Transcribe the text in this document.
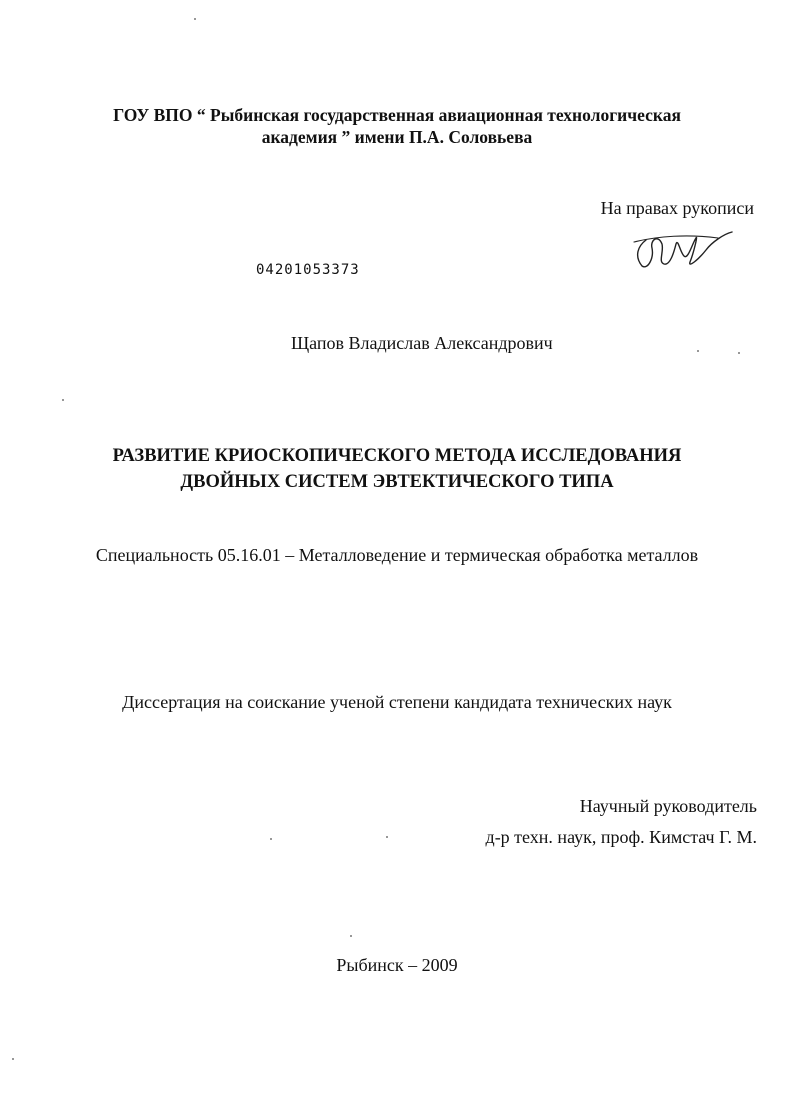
ГОУ ВПО “ Рыбинская государственная авиационная технологическая
академия ” имени П.А. Соловьева
На правах рукописи
04201053373
Щапов Владислав Александрович
РАЗВИТИЕ КРИОСКОПИЧЕСКОГО МЕТОДА ИССЛЕДОВАНИЯ
ДВОЙНЫХ СИСТЕМ ЭВТЕКТИЧЕСКОГО ТИПА
Специальность 05.16.01 – Металловедение и термическая обработка металлов
Диссертация на соискание ученой степени кандидата технических наук
Научный руководитель
д-р техн. наук, проф. Кимстач Г. М.
Рыбинск – 2009
